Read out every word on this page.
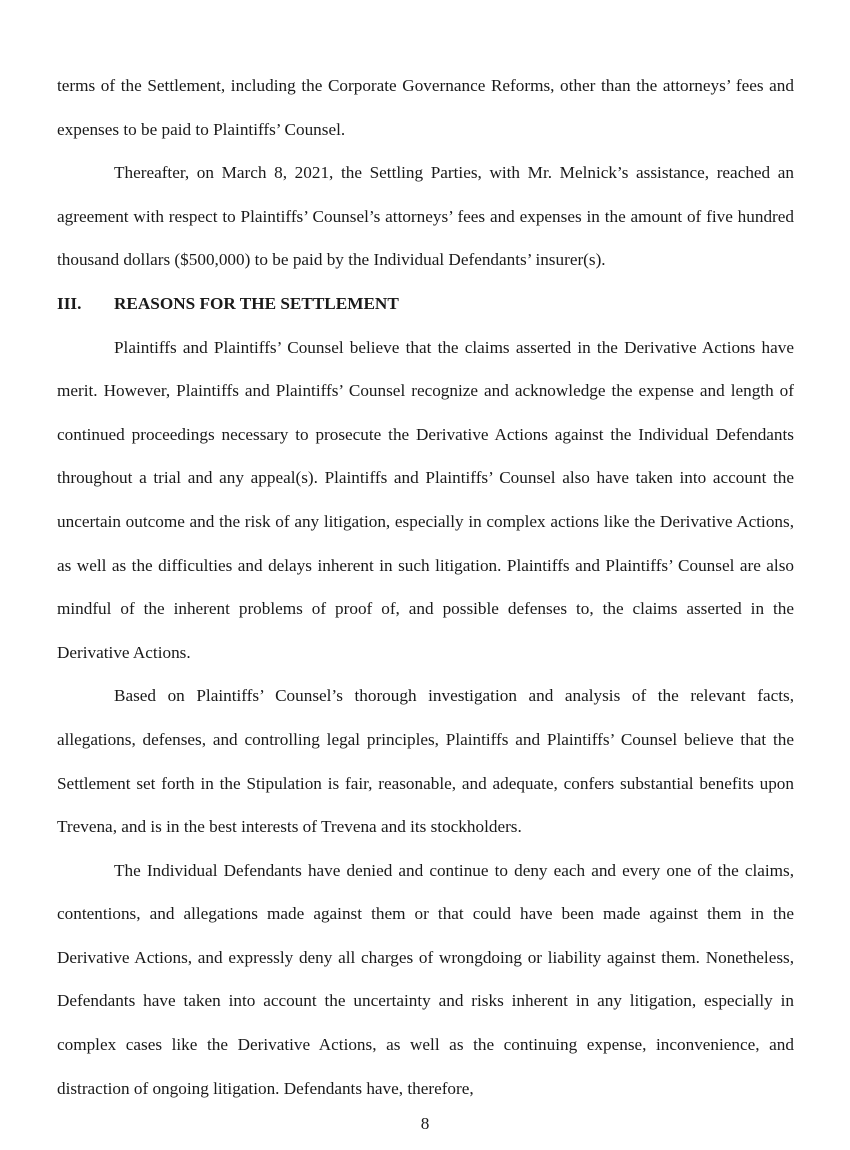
terms of the Settlement, including the Corporate Governance Reforms, other than the attorneys’ fees and expenses to be paid to Plaintiffs’ Counsel.

Thereafter, on March 8, 2021, the Settling Parties, with Mr. Melnick’s assistance, reached an agreement with respect to Plaintiffs’ Counsel’s attorneys’ fees and expenses in the amount of five hundred thousand dollars ($500,000) to be paid by the Individual Defendants’ insurer(s).

III.	REASONS FOR THE SETTLEMENT

Plaintiffs and Plaintiffs’ Counsel believe that the claims asserted in the Derivative Actions have merit. However, Plaintiffs and Plaintiffs’ Counsel recognize and acknowledge the expense and length of continued proceedings necessary to prosecute the Derivative Actions against the Individual Defendants throughout a trial and any appeal(s). Plaintiffs and Plaintiffs’ Counsel also have taken into account the uncertain outcome and the risk of any litigation, especially in complex actions like the Derivative Actions, as well as the difficulties and delays inherent in such litigation. Plaintiffs and Plaintiffs’ Counsel are also mindful of the inherent problems of proof of, and possible defenses to, the claims asserted in the Derivative Actions.

Based on Plaintiffs’ Counsel’s thorough investigation and analysis of the relevant facts, allegations, defenses, and controlling legal principles, Plaintiffs and Plaintiffs’ Counsel believe that the Settlement set forth in the Stipulation is fair, reasonable, and adequate, confers substantial benefits upon Trevena, and is in the best interests of Trevena and its stockholders.

The Individual Defendants have denied and continue to deny each and every one of the claims, contentions, and allegations made against them or that could have been made against them in the Derivative Actions, and expressly deny all charges of wrongdoing or liability against them. Nonetheless, Defendants have taken into account the uncertainty and risks inherent in any litigation, especially in complex cases like the Derivative Actions, as well as the continuing expense, inconvenience, and distraction of ongoing litigation. Defendants have, therefore,

8
